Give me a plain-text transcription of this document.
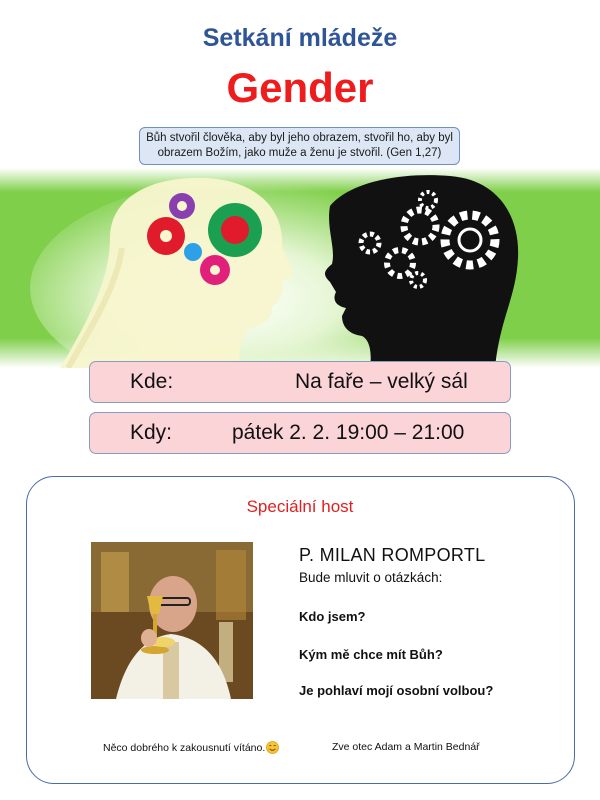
Setkání mládeže
Gender
Bůh stvořil člověka, aby byl jeho obrazem, stvořil ho, aby byl
obrazem Božím, jako muže a ženu je stvořil. (Gen 1,27)
Kde:	Na faře – velký sál
Kdy:	pátek 2. 2. 19:00 – 21:00
Speciální host
P. MILAN ROMPORTL
Bude mluvit o otázkách:
Kdo jsem?
Kým mě chce mít Bůh?
Je pohlaví mojí osobní volbou?
Něco dobrého k zakousnutí vítáno.	Zve otec Adam a Martin Bednář
